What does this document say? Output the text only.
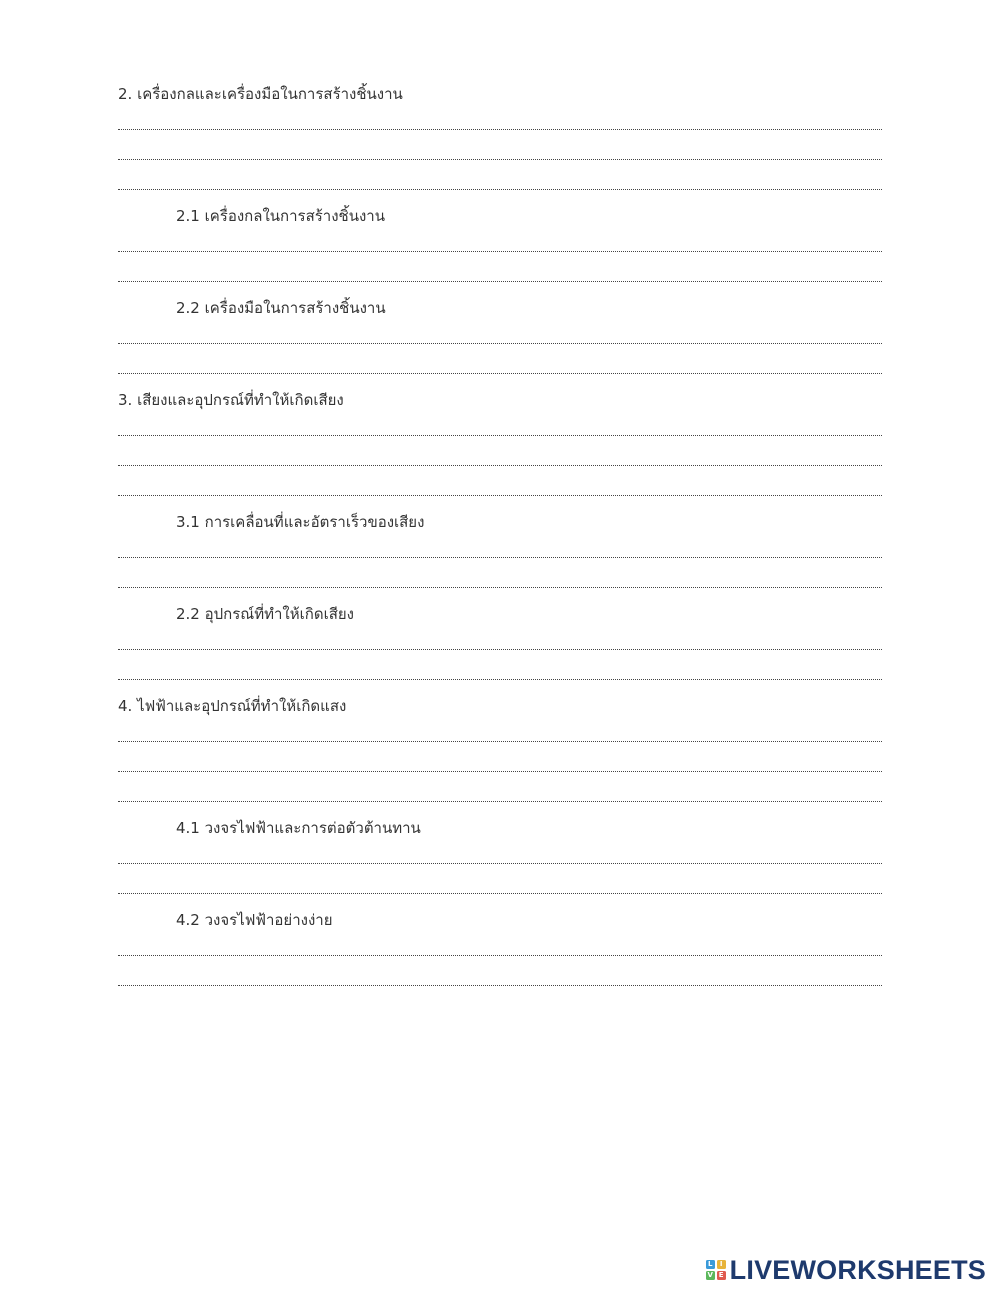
2. เครื่องกลและเครื่องมือในการสร้างชิ้นงาน
2.1 เครื่องกลในการสร้างชิ้นงาน
2.2 เครื่องมือในการสร้างชิ้นงาน
3. เสียงและอุปกรณ์ที่ทำให้เกิดเสียง
3.1 การเคลื่อนที่และอัตราเร็วของเสียง
2.2 อุปกรณ์ที่ทำให้เกิดเสียง
4. ไฟฟ้าและอุปกรณ์ที่ทำให้เกิดแสง
4.1 วงจรไฟฟ้าและการต่อตัวต้านทาน
4.2 วงจรไฟฟ้าอย่างง่าย
L	I
V E LIVEWORKSHEETS
